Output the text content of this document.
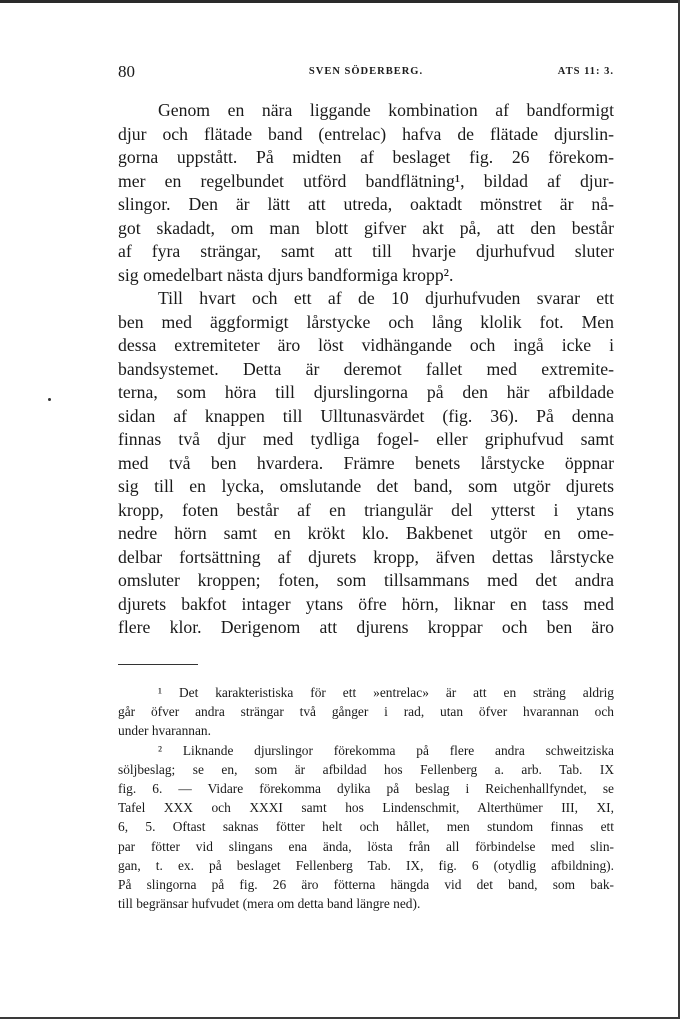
80	SVEN SÖDERBERG.	ATS 11: 3.
Genom en nära liggande kombination af bandformigt
djur och flätade band (entrelac) hafva de flätade djurslin-
gorna uppstått. På midten af beslaget fig. 26 förekom-
mer en regelbundet utförd bandflätning¹, bildad af djur-
slingor. Den är lätt att utreda, oaktadt mönstret är nå-
got skadadt, om man blott gifver akt på, att den består
af fyra strängar, samt att till hvarje djurhufvud sluter
sig omedelbart nästa djurs bandformiga kropp².
Till hvart och ett af de 10 djurhufvuden svarar ett
ben med äggformigt lårstycke och lång klolik fot. Men
dessa extremiteter äro löst vidhängande och ingå icke i
bandsystemet. Detta är deremot fallet med extremite-
terna, som höra till djurslingorna på den här afbildade
sidan af knappen till Ulltunasvärdet (fig. 36). På denna
finnas två djur med tydliga fogel- eller griphufvud samt
med två ben hvardera. Främre benets lårstycke öppnar
sig till en lycka, omslutande det band, som utgör djurets
kropp, foten består af en triangulär del ytterst i ytans
nedre hörn samt en krökt klo. Bakbenet utgör en ome-
delbar fortsättning af djurets kropp, äfven dettas lårstycke
omsluter kroppen; foten, som tillsammans med det andra
djurets bakfot intager ytans öfre hörn, liknar en tass med
flere klor. Derigenom att djurens kroppar och ben äro
¹ Det karakteristiska för ett »entrelac» är att en sträng aldrig
går öfver andra strängar två gånger i rad, utan öfver hvarannan och
under hvarannan.
² Liknande djurslingor förekomma på flere andra schweitziska
söljbeslag; se en, som är afbildad hos Fellenberg a. arb. Tab. IX
fig. 6. — Vidare förekomma dylika på beslag i Reichenhallfyndet, se
Tafel XXX och XXXI samt hos Lindenschmit, Alterthümer III, XI,
6, 5. Oftast saknas fötter helt och hållet, men stundom finnas ett
par fötter vid slingans ena ända, lösta från all förbindelse med slin-
gan, t. ex. på beslaget Fellenberg Tab. IX, fig. 6 (otydlig afbildning).
På slingorna på fig. 26 äro fötterna hängda vid det band, som bak-
till begränsar hufvudet (mera om detta band längre ned).
